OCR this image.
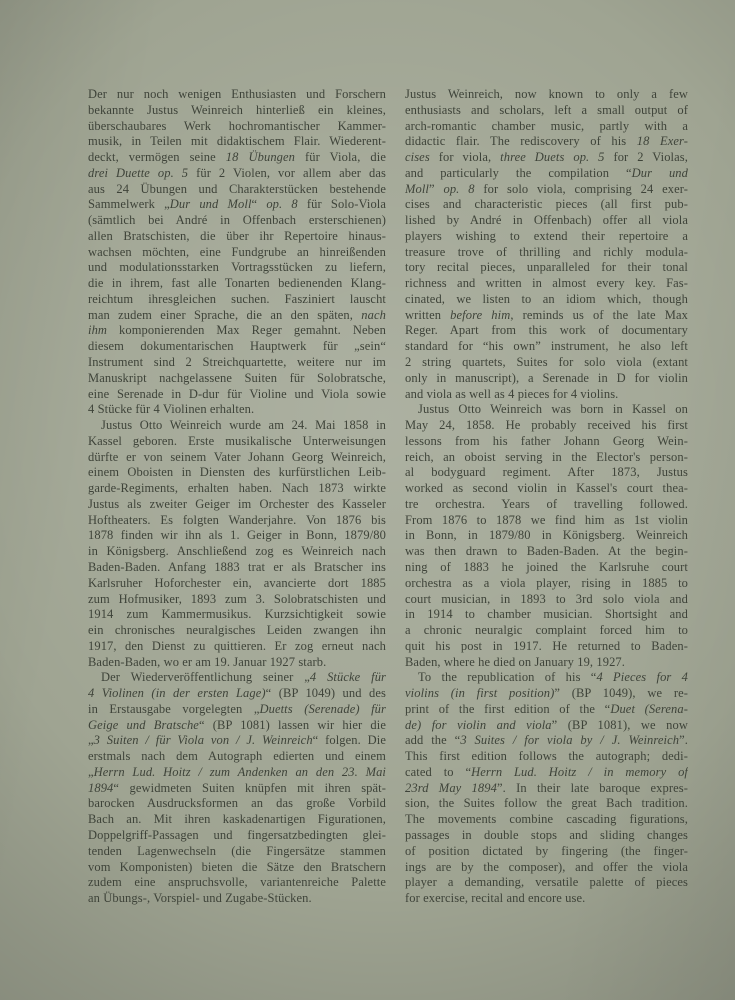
Der nur noch wenigen Enthusiasten und Forschern
bekannte Justus Weinreich hinterließ ein kleines,
überschaubares Werk hochromantischer Kammer-
musik, in Teilen mit didaktischem Flair. Wiederent-
deckt, vermögen seine 18 Übungen für Viola, die
drei Duette op. 5 für 2 Violen, vor allem aber das
aus 24 Übungen und Charakterstücken bestehende
Sammelwerk „Dur und Moll“ op. 8 für Solo-Viola
(sämtlich bei André in Offenbach ersterschienen)
allen Bratschisten, die über ihr Repertoire hinaus-
wachsen möchten, eine Fundgrube an hinreißenden
und modulationsstarken Vortragsstücken zu liefern,
die in ihrem, fast alle Tonarten bedienenden Klang-
reichtum ihresgleichen suchen. Fasziniert lauscht
man zudem einer Sprache, die an den späten, nach
ihm komponierenden Max Reger gemahnt. Neben
diesem dokumentarischen Hauptwerk für „sein“
Instrument sind 2 Streichquartette, weitere nur im
Manuskript nachgelassene Suiten für Solobratsche,
eine Serenade in D-dur für Violine und Viola sowie
4 Stücke für 4 Violinen erhalten.
Justus Otto Weinreich wurde am 24. Mai 1858 in
Kassel geboren. Erste musikalische Unterweisungen
dürfte er von seinem Vater Johann Georg Weinreich,
einem Oboisten in Diensten des kurfürstlichen Leib-
garde-Regiments, erhalten haben. Nach 1873 wirkte
Justus als zweiter Geiger im Orchester des Kasseler
Hoftheaters. Es folgten Wanderjahre. Von 1876 bis
1878 finden wir ihn als 1. Geiger in Bonn, 1879/80
in Königsberg. Anschließend zog es Weinreich nach
Baden-Baden. Anfang 1883 trat er als Bratscher ins
Karlsruher Hoforchester ein, avancierte dort 1885
zum Hofmusiker, 1893 zum 3. Solobratschisten und
1914 zum Kammermusikus. Kurzsichtigkeit sowie
ein chronisches neuralgisches Leiden zwangen ihn
1917, den Dienst zu quittieren. Er zog erneut nach
Baden-Baden, wo er am 19. Januar 1927 starb.
Der Wiederveröffentlichung seiner „4 Stücke für
4 Violinen (in der ersten Lage)“ (BP 1049) und des
in Erstausgabe vorgelegten „Duetts (Serenade) für
Geige und Bratsche“ (BP 1081) lassen wir hier die
„3 Suiten / für Viola von / J. Weinreich“ folgen. Die
erstmals nach dem Autograph edierten und einem
„Herrn Lud. Hoitz / zum Andenken an den 23. Mai
1894“ gewidmeten Suiten knüpfen mit ihren spät-
barocken Ausdrucksformen an das große Vorbild
Bach an. Mit ihren kaskadenartigen Figurationen,
Doppelgriff-Passagen und fingersatzbedingten glei-
tenden Lagenwechseln (die Fingersätze stammen
vom Komponisten) bieten die Sätze den Bratschern
zudem eine anspruchsvolle, variantenreiche Palette
an Übungs-, Vorspiel- und Zugabe-Stücken.
Justus Weinreich, now known to only a few
enthusiasts and scholars, left a small output of
arch-romantic chamber music, partly with a
didactic flair. The rediscovery of his 18 Exer-
cises for viola, three Duets op. 5 for 2 Violas,
and particularly the compilation “Dur und
Moll” op. 8 for solo viola, comprising 24 exer-
cises and characteristic pieces (all first pub-
lished by André in Offenbach) offer all viola
players wishing to extend their repertoire a
treasure trove of thrilling and richly modula-
tory recital pieces, unparalleled for their tonal
richness and written in almost every key. Fas-
cinated, we listen to an idiom which, though
written before him, reminds us of the late Max
Reger. Apart from this work of documentary
standard for “his own” instrument, he also left
2 string quartets, Suites for solo viola (extant
only in manuscript), a Serenade in D for violin
and viola as well as 4 pieces for 4 violins.
Justus Otto Weinreich was born in Kassel on
May 24, 1858. He probably received his first
lessons from his father Johann Georg Wein-
reich, an oboist serving in the Elector's person-
al bodyguard regiment. After 1873, Justus
worked as second violin in Kassel's court thea-
tre orchestra. Years of travelling followed.
From 1876 to 1878 we find him as 1st violin
in Bonn, in 1879/80 in Königsberg. Weinreich
was then drawn to Baden-Baden. At the begin-
ning of 1883 he joined the Karlsruhe court
orchestra as a viola player, rising in 1885 to
court musician, in 1893 to 3rd solo viola and
in 1914 to chamber musician. Shortsight and
a chronic neuralgic complaint forced him to
quit his post in 1917. He returned to Baden-
Baden, where he died on January 19, 1927.
To the republication of his “4 Pieces for 4
violins (in first position)” (BP 1049), we re-
print of the first edition of the “Duet (Serena-
de) for violin and viola” (BP 1081), we now
add the “3 Suites / for viola by / J. Weinreich”.
This first edition follows the autograph; dedi-
cated to “Herrn Lud. Hoitz / in memory of
23rd May 1894”. In their late baroque expres-
sion, the Suites follow the great Bach tradition.
The movements combine cascading figurations,
passages in double stops and sliding changes
of position dictated by fingering (the finger-
ings are by the composer), and offer the viola
player a demanding, versatile palette of pieces
for exercise, recital and encore use.
